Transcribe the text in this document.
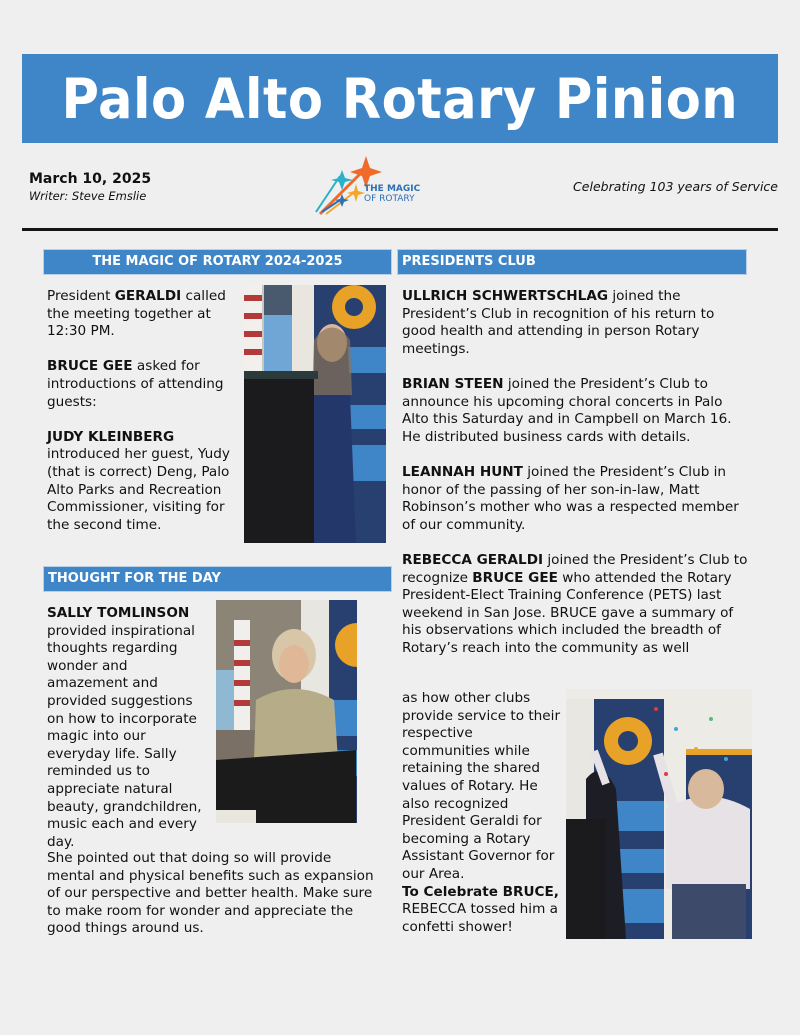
Palo Alto Rotary Pinion
March 10, 2025
Writer: Steve Emslie
Celebrating 103 years of Service
THE MAGIC
OF ROTARY
THE MAGIC OF ROTARY 2024-2025

President GERALDI called the meeting together at 12:30 PM.

BRUCE GEE asked for introductions of attending guests:

JUDY KLEINBERG introduced her guest, Yudy (that is correct) Deng, Palo Alto Parks and Recreation Commissioner, visiting for the second time.

THOUGHT FOR THE DAY

SALLY TOMLINSON provided inspirational thoughts regarding wonder and amazement and provided suggestions on how to incorporate magic into our everyday life. Sally reminded us to appreciate natural beauty, grandchildren, music each and every day.

She pointed out that doing so will provide mental and physical benefits such as expansion of our perspective and better health. Make sure to make room for wonder and appreciate the good things around us.

PRESIDENTS CLUB

ULLRICH SCHWERTSCHLAG joined the President’s Club in recognition of his return to good health and attending in person Rotary meetings.

BRIAN STEEN joined the President’s Club to announce his upcoming choral concerts in Palo Alto this Saturday and in Campbell on March 16. He distributed business cards with details.

LEANNAH HUNT joined the President’s Club in honor of the passing of her son-in-law, Matt Robinson’s mother who was a respected member of our community.

REBECCA GERALDI joined the President’s Club to recognize BRUCE GEE who attended the Rotary President-Elect Training Conference (PETS) last weekend in San Jose. BRUCE gave a summary of his observations which included the breadth of Rotary’s reach into the community as well

as how other clubs provide service to their respective communities while retaining the shared values of Rotary. He also recognized President Geraldi for becoming a Rotary Assistant Governor for our Area.
To Celebrate BRUCE, REBECCA tossed him a confetti shower!
